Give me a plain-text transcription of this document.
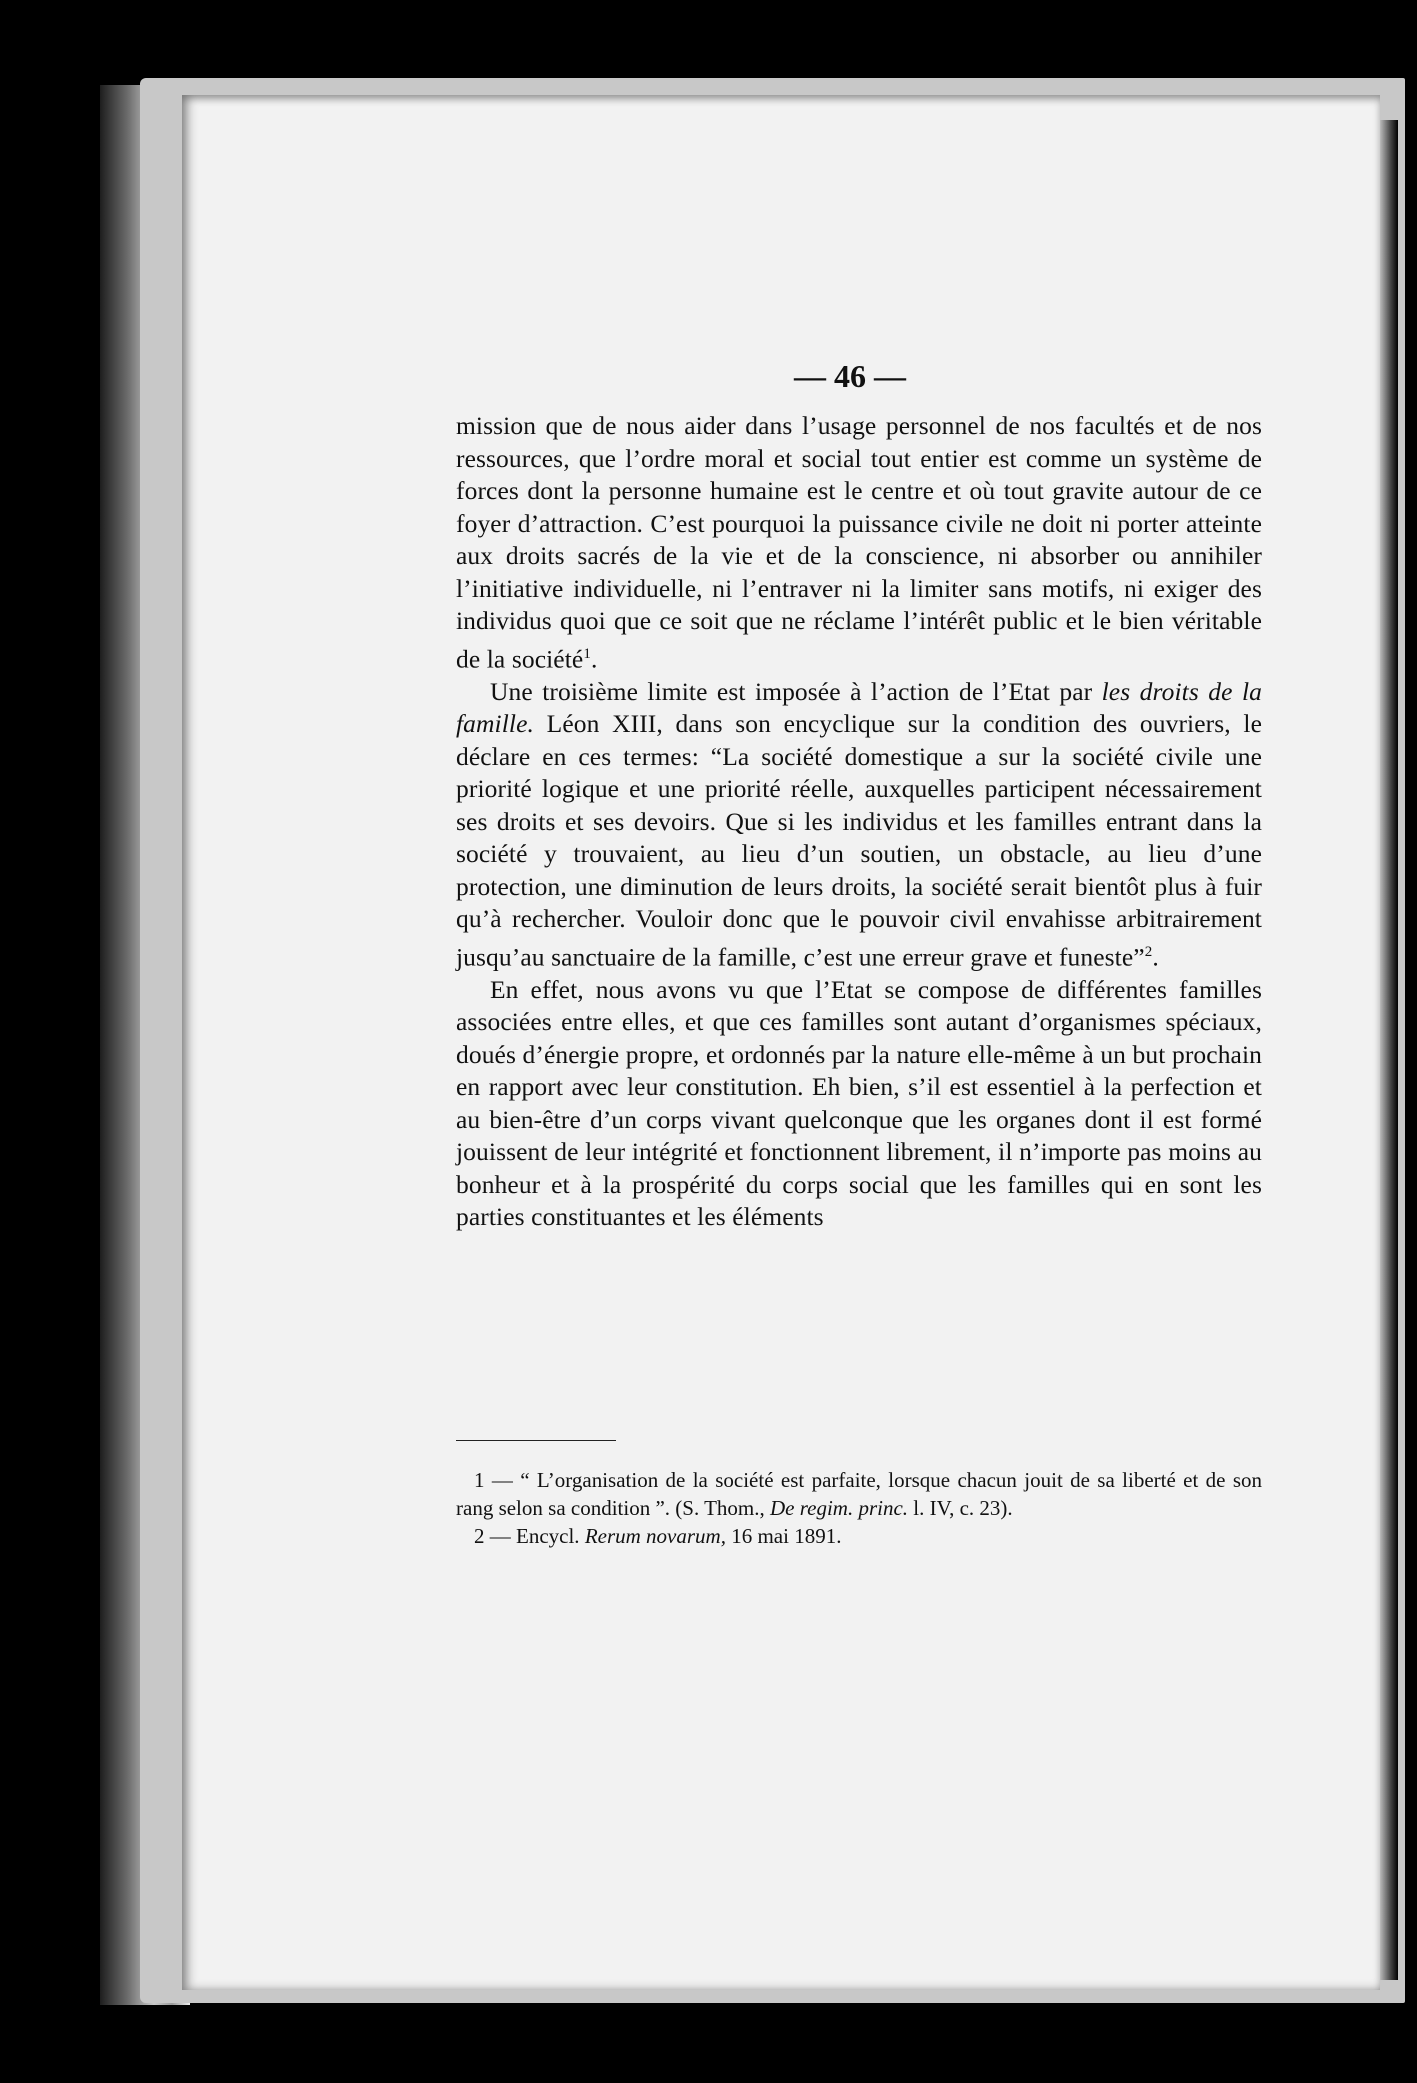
— 46 —

mission que de nous aider dans l’usage personnel de nos facultés et de nos ressources, que l’ordre moral et social tout entier est comme un système de forces dont la personne humaine est le centre et où tout gravite autour de ce foyer d’attraction. C’est pourquoi la puissance civile ne doit ni porter atteinte aux droits sacrés de la vie et de la conscience, ni absorber ou annihiler l’initiative individuelle, ni l’entraver ni la limiter sans motifs, ni exiger des individus quoi que ce soit que ne réclame l’intérêt public et le bien véritable de la société$^1$.

Une troisième limite est imposée à l’action de l’Etat par les droits de la famille. Léon XIII, dans son encyclique sur la condition des ouvriers, le déclare en ces termes: “La société domestique a sur la société civile une priorité logique et une priorité réelle, auxquelles participent nécessairement ses droits et ses devoirs. Que si les individus et les familles entrant dans la société y trouvaient, au lieu d’un soutien, un obstacle, au lieu d’une protection, une diminution de leurs droits, la société serait bientôt plus à fuir qu’à rechercher. Vouloir donc que le pouvoir civil envahisse arbitrairement jusqu’au sanctuaire de la famille, c’est une erreur grave et funeste”$^2$.

En effet, nous avons vu que l’Etat se compose de différentes familles associées entre elles, et que ces familles sont autant d’organismes spéciaux, doués d’énergie propre, et ordonnés par la nature elle-même à un but prochain en rapport avec leur constitution. Eh bien, s’il est essentiel à la perfection et au bien-être d’un corps vivant quelconque que les organes dont il est formé jouissent de leur intégrité et fonctionnent librement, il n’importe pas moins au bonheur et à la prospérité du corps social que les familles qui en sont les parties constituantes et les éléments

1 — “ L’organisation de la société est parfaite, lorsque chacun jouit de sa liberté et de son rang selon sa condition ”. (S. Thom., De regim. princ. l. IV, c. 23).

2 — Encycl. Rerum novarum, 16 mai 1891.
